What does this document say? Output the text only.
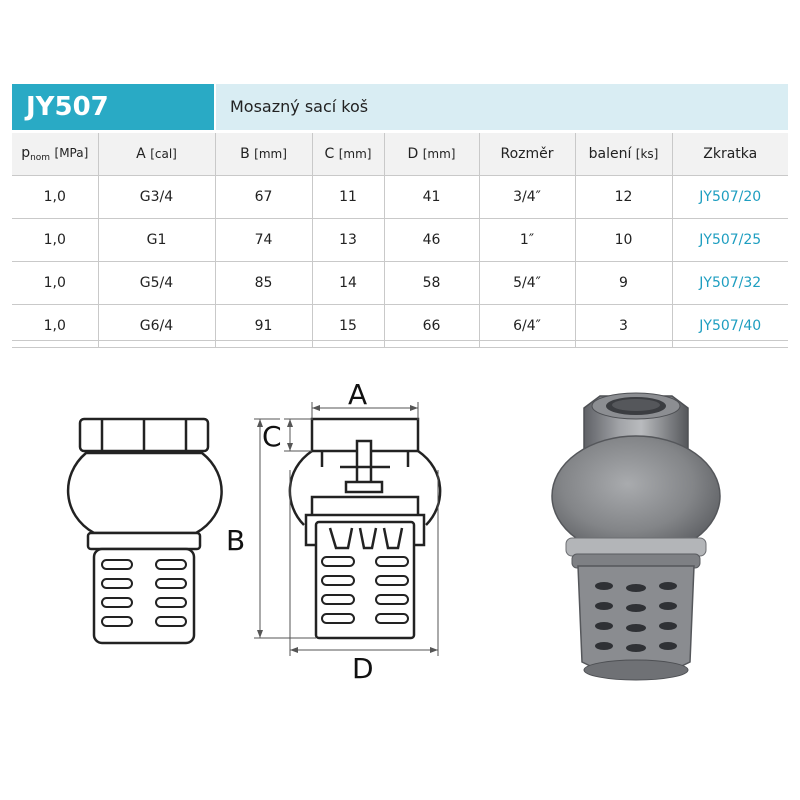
JY507	Mosazný sací koš
$p_{nom}$ [MPa]	A [cal]	B [mm]	C [mm]	D [mm]	Rozměr	balení [ks]	Zkratka
1,0	G3/4	67	11	41	3/4″	12	JY507/20
1,0	G1	74	13	46	1″	10	JY507/25
1,0	G5/4	85	14	58	5/4″	9	JY507/32
1,0	G6/4	91	15	66	6/4″	3	JY507/40
A
C
B
D
